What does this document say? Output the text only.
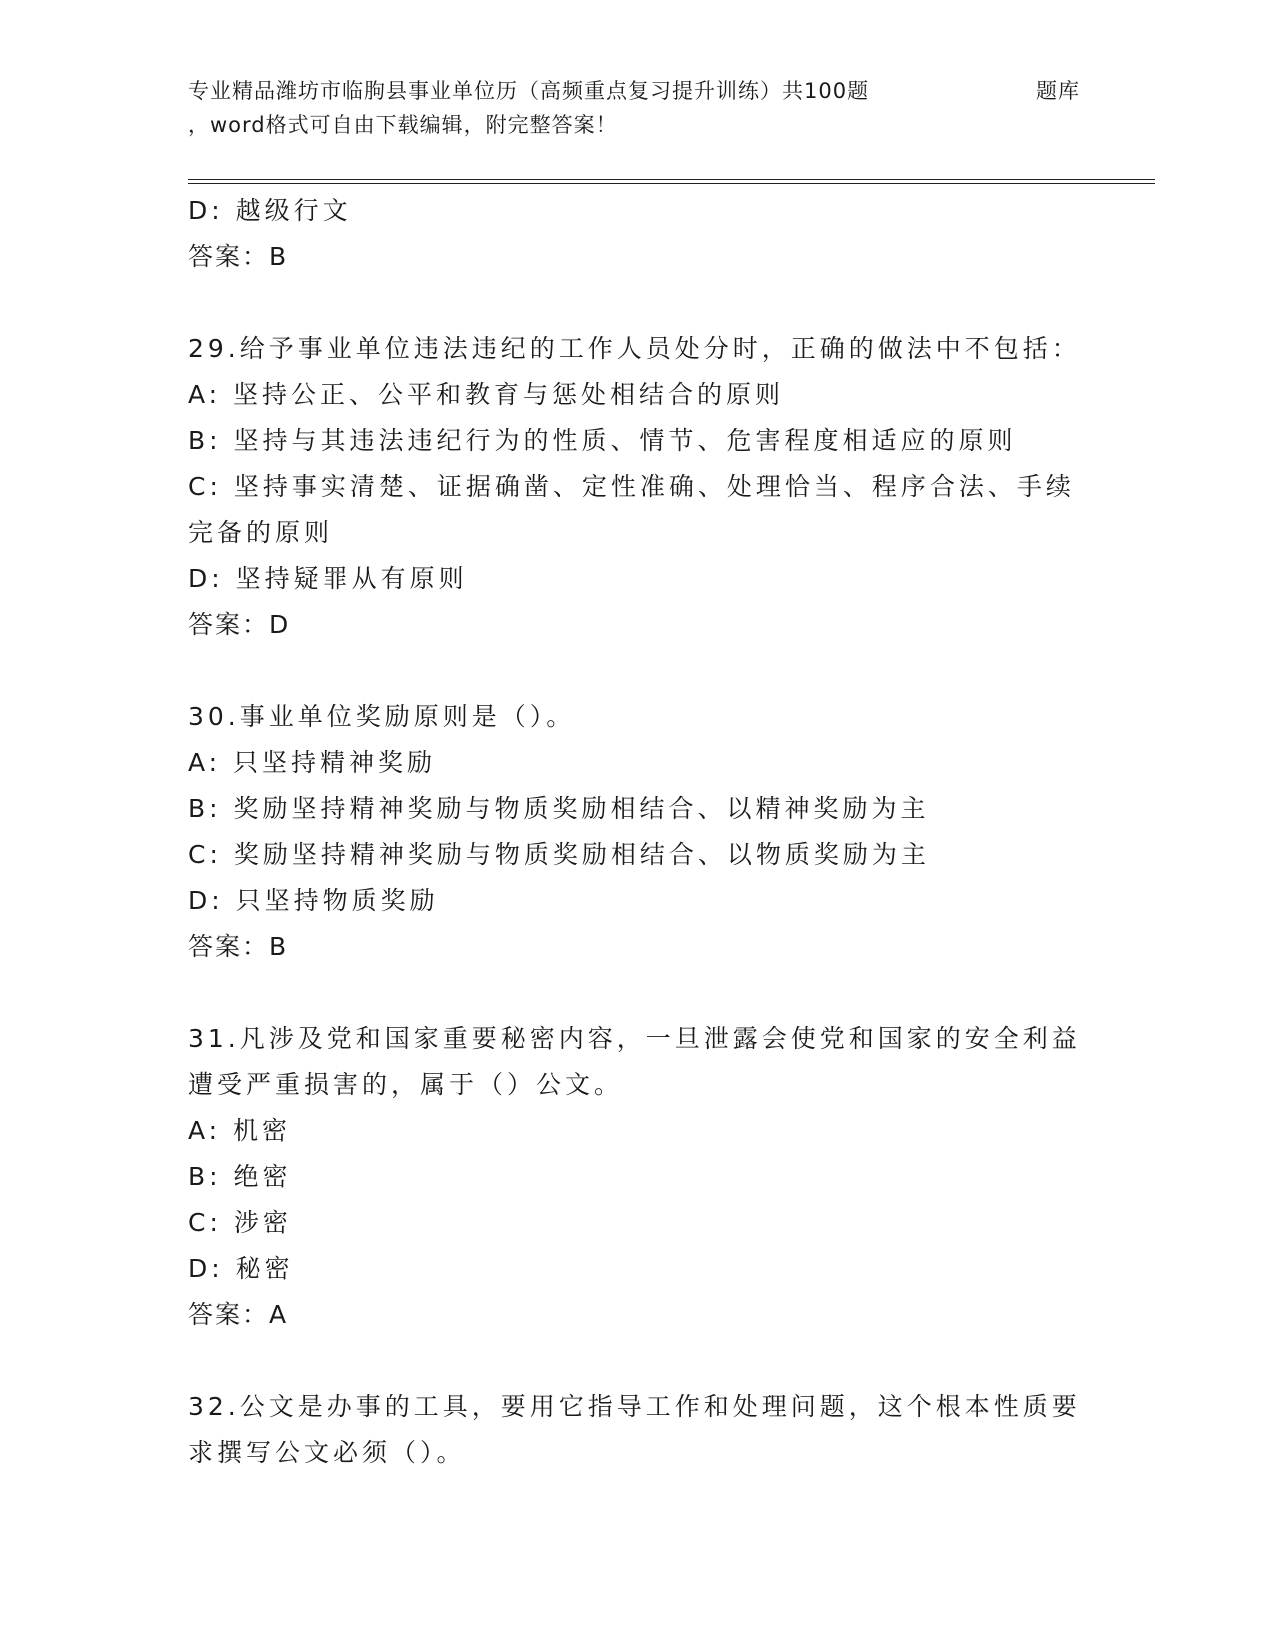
专业精品潍坊市临朐县事业单位历（高频重点复习提升训练）共100题	题库
，word格式可自由下载编辑，附完整答案！
D: 越级行文
答案：B
29.给予事业单位违法违纪的工作人员处分时，正确的做法中不包括：
A: 坚持公正、公平和教育与惩处相结合的原则
B: 坚持与其违法违纪行为的性质、情节、危害程度相适应的原则
C: 坚持事实清楚、证据确凿、定性准确、处理恰当、程序合法、手续
完备的原则
D: 坚持疑罪从有原则
答案：D
30.事业单位奖励原则是（）。
A: 只坚持精神奖励
B: 奖励坚持精神奖励与物质奖励相结合、以精神奖励为主
C: 奖励坚持精神奖励与物质奖励相结合、以物质奖励为主
D: 只坚持物质奖励
答案：B
31.凡涉及党和国家重要秘密内容，一旦泄露会使党和国家的安全利益
遭受严重损害的，属于（）公文。
A: 机密
B: 绝密
C: 涉密
D: 秘密
答案：A
32.公文是办事的工具，要用它指导工作和处理问题，这个根本性质要
求撰写公文必须（）。
